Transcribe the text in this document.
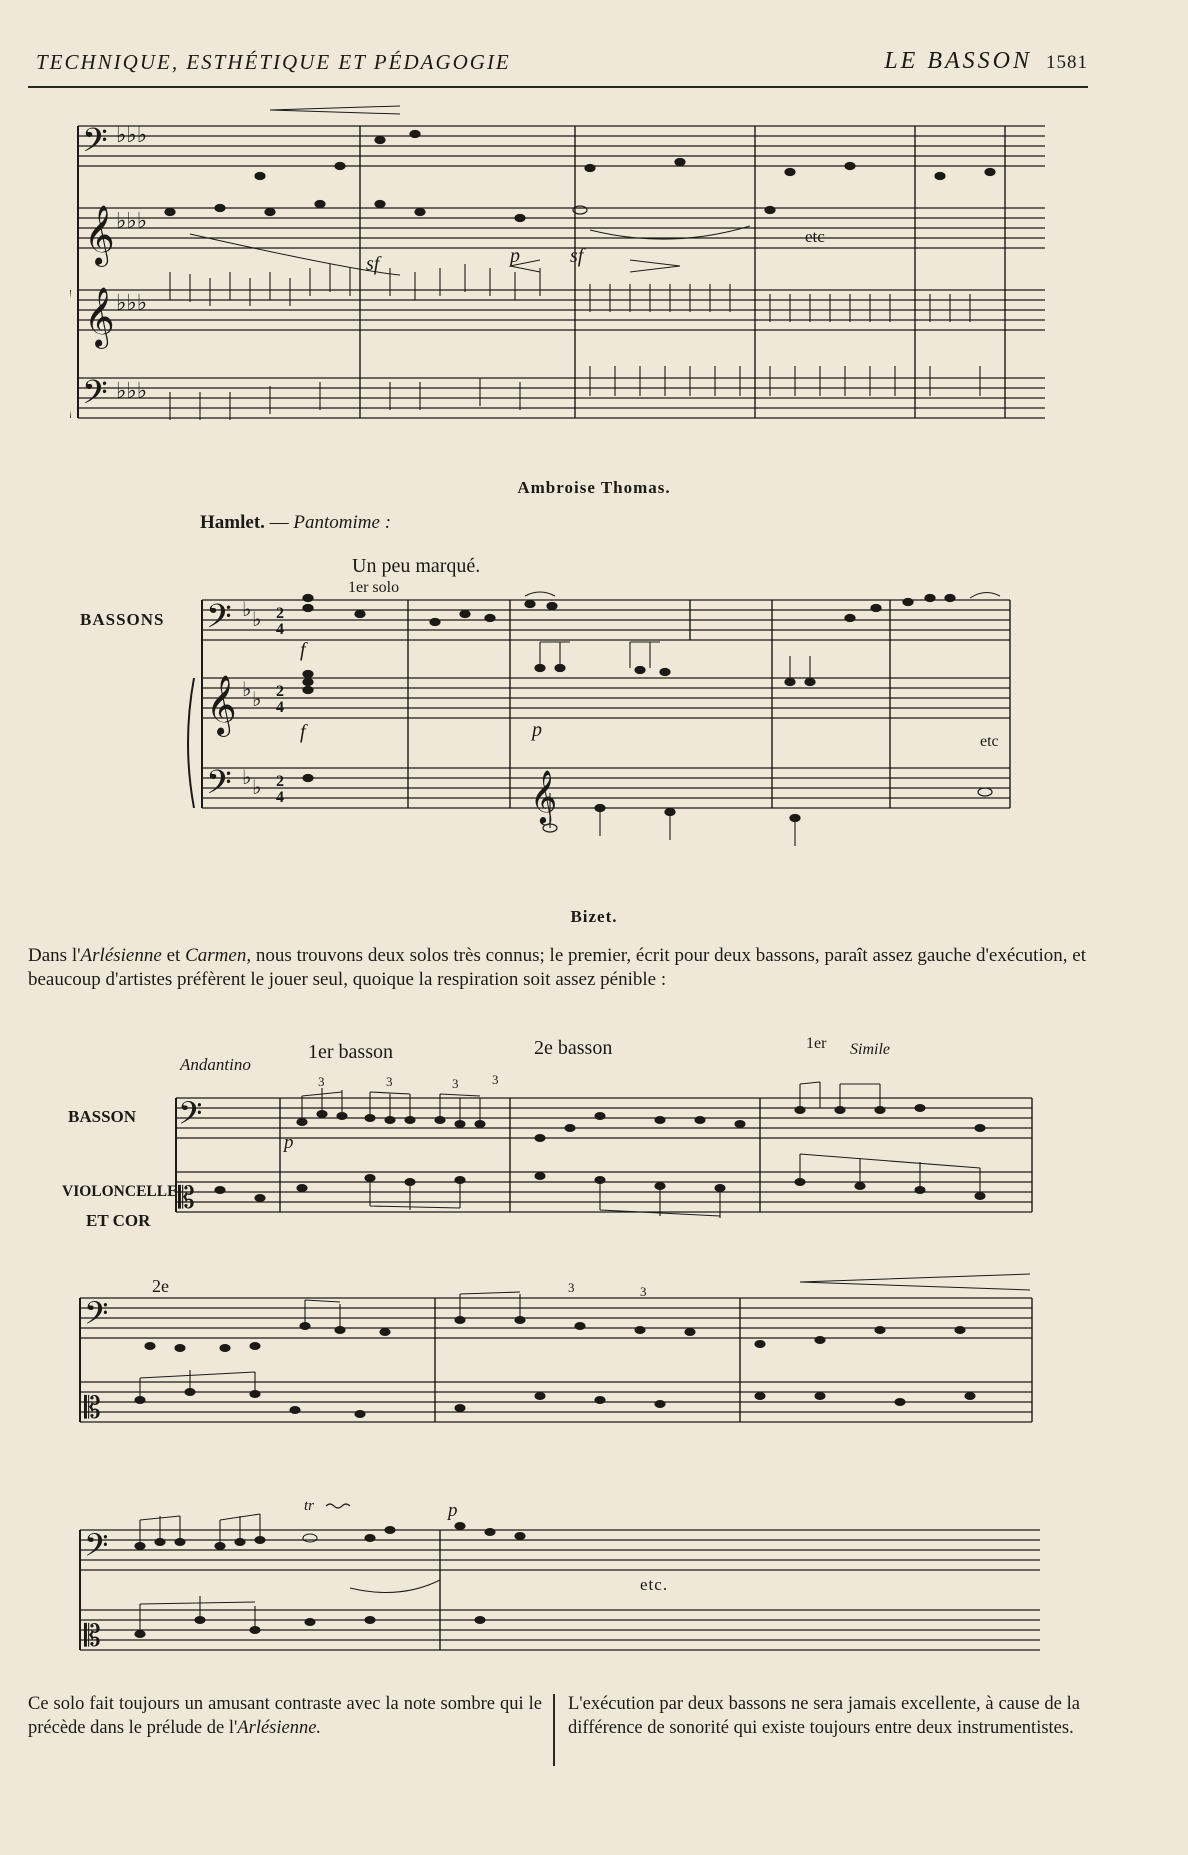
TECHNIQUE, ESTHÉTIQUE ET PÉDAGOGIE	LE BASSON 1581
𝄢
𝄞
𝄞
𝄢
♭♭♭
♭♭♭
♭♭♭
♭♭♭
sf	p	sf
etc
Ambroise Thomas.
Hamlet. — Pantomime :
Un peu marqué.
1er solo
BASSONS 𝄢 ♭ ♭ 2
4
𝄞 ♭ ♭ 2
4
𝄢 ♭ ♭ 2
4	𝄞
f
f	p
etc
Bizet.
Dans l'Arlésienne et Carmen, nous trouvons deux solos très connus; le premier, écrit pour deux bassons, paraît assez gauche d'exécution, et beaucoup d'artistes préfèrent le jouer seul, quoique la respiration soit assez pénible :
Andantino
1er basson	2e basson	1er Simile
BASSON
VIOLONCELLE
ET COR
𝄢
𝄡
𝄢
𝄡
𝄢
𝄡
3	3	3	3
p
2e	3	3
tr	p
etc.
Ce solo fait toujours un amusant contraste avec la note sombre qui le précède dans le prélude de l'Arlésienne.
L'exécution par deux bassons ne sera jamais excellente, à cause de la différence de sonorité qui existe toujours entre deux instrumentistes.
